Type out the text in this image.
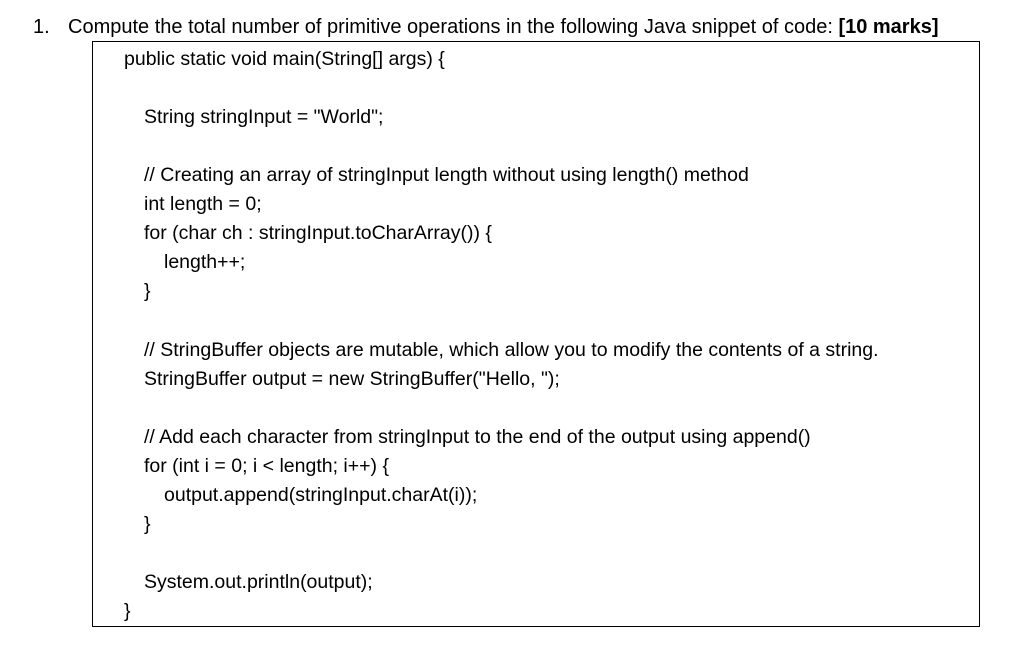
1. Compute the total number of primitive operations in the following Java snippet of code: [10 marks]
public static void main(String[] args) {
String stringInput = "World";
// Creating an array of stringInput length without using length() method
int length = 0;
for (char ch : stringInput.toCharArray()) {
length++;
}
// StringBuffer objects are mutable, which allow you to modify the contents of a string.
StringBuffer output = new StringBuffer("Hello, ");
// Add each character from stringInput to the end of the output using append()
for (int i = 0; i < length; i++) {
output.append(stringInput.charAt(i));
}
System.out.println(output);
}
